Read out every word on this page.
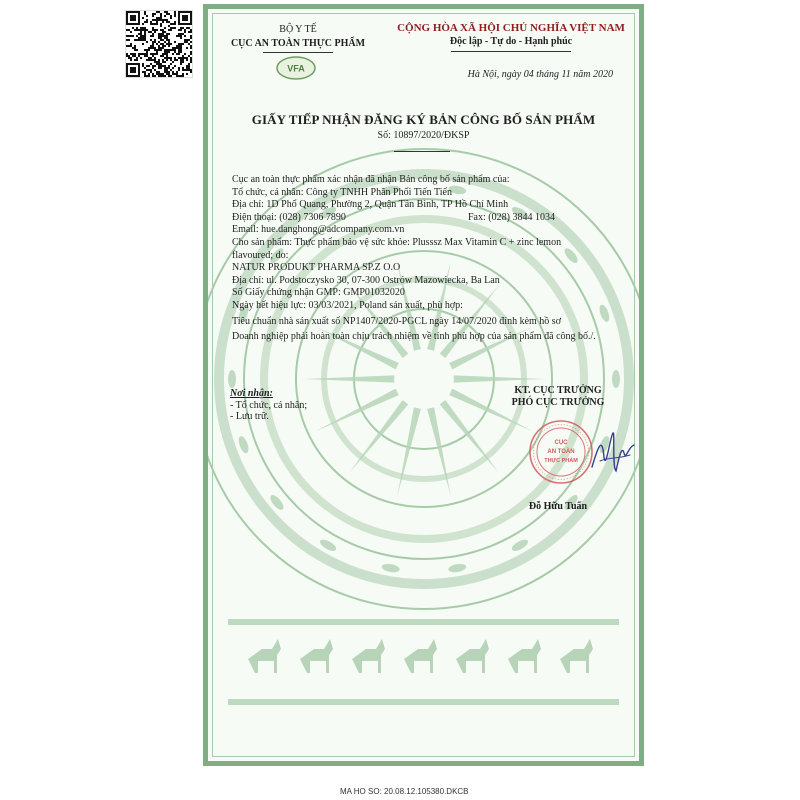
BỘ Y TẾ
CỤC AN TOÀN THỰC PHẨM
VFA
CỘNG HÒA XÃ HỘI CHỦ NGHĨA VIỆT NAM
Độc lập - Tự do - Hạnh phúc
Hà Nội, ngày 04 tháng 11 năm 2020
GIẤY TIẾP NHẬN ĐĂNG KÝ BẢN CÔNG BỐ SẢN PHẨM
Số: 10897/2020/ĐKSP

Cục an toàn thực phẩm xác nhận đã nhận Bản công bố sản phẩm của:

Tổ chức, cá nhân: Công ty TNHH Phân Phối Tiến Tiến

Địa chỉ: 1D Phổ Quang, Phường 2, Quận Tân Bình, TP Hồ Chí Minh

Điện thoại: (028) 7306 7890	Fax: (028) 3844 1034

Email: hue.danghong@adcompany.com.vn

Cho sản phẩm: Thực phẩm bảo vệ sức khỏe: Plusssz Max Vitamin C + zinc lemon

flavoured; do:

NATUR PRODUKT PHARMA SP.Z O.O

Địa chỉ: ul. Podstoczysko 30, 07-300 Ostrów Mazowiecka, Ba Lan

Số Giấy chứng nhận GMP: GMP01032020

Ngày hết hiệu lực: 03/03/2021, Poland sản xuất, phù hợp:

Tiêu chuẩn nhà sản xuất số NP1407/2020-PGCL ngày 14/07/2020 đính kèm hồ sơ

Doanh nghiệp phải hoàn toàn chịu trách nhiệm về tính phù hợp của sản phẩm đã công bố./.

Nơi nhận:
- Tổ chức, cá nhân;
- Lưu trữ.
KT. CỤC TRƯỞNG
PHÓ CỤC TRƯỞNG
CỤC
AN TOÀN
THỰC PHẨM
Đỗ Hữu Tuấn
MA HO SO: 20.08.12.105380.DKCB
